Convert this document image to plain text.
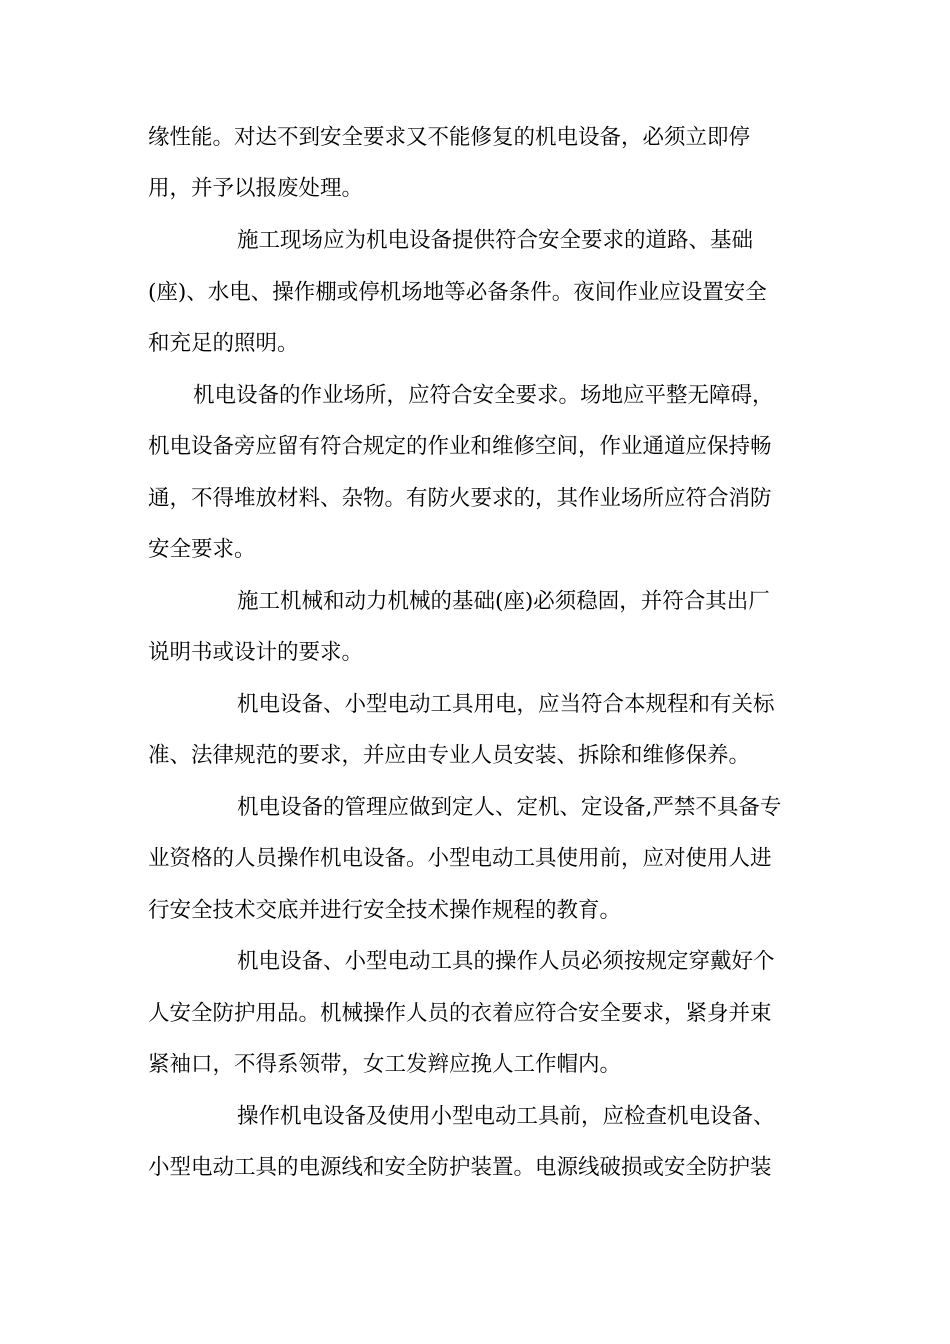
缘性能。对达不到安全要求又不能修复的机电设备，必须立即停

用，并予以报废处理。

施工现场应为机电设备提供符合安全要求的道路、基础

(座)、水电、操作棚或停机场地等必备条件。夜间作业应设置安全

和充足的照明。

机电设备的作业场所，应符合安全要求。场地应平整无障碍，

机电设备旁应留有符合规定的作业和维修空间，作业通道应保持畅

通，不得堆放材料、杂物。有防火要求的，其作业场所应符合消防

安全要求。

施工机械和动力机械的基础(座)必须稳固，并符合其出厂

说明书或设计的要求。

机电设备、小型电动工具用电，应当符合本规程和有关标

准、法律规范的要求，并应由专业人员安装、拆除和维修保养。

机电设备的管理应做到定人、定机、定设备,严禁不具备专

业资格的人员操作机电设备。小型电动工具使用前，应对使用人进

行安全技术交底并进行安全技术操作规程的教育。

机电设备、小型电动工具的操作人员必须按规定穿戴好个

人安全防护用品。机械操作人员的衣着应符合安全要求，紧身并束

紧袖口，不得系领带，女工发辫应挽人工作帽内。

操作机电设备及使用小型电动工具前，应检查机电设备、

小型电动工具的电源线和安全防护装置。电源线破损或安全防护装
